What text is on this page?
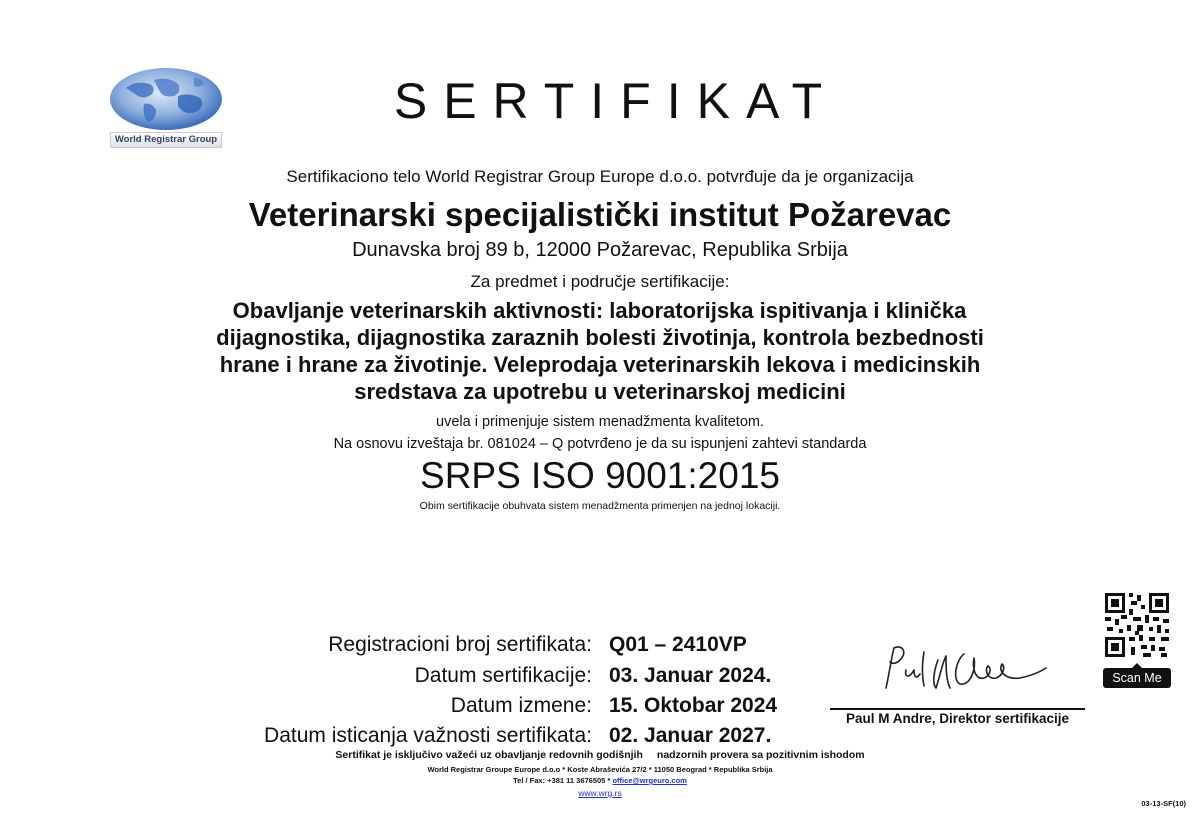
World Registrar Group
SERTIFIKAT
Sertifikaciono telo World Registrar Group Europe d.o.o. potvrđuje da je organizacija
Veterinarski specijalistički institut Požarevac
Dunavska broj 89 b, 12000 Požarevac, Republika Srbija
Za predmet i područje sertifikacije:
Obavljanje veterinarskih aktivnosti: laboratorijska ispitivanja i klinička
dijagnostika, dijagnostika zaraznih bolesti životinja, kontrola bezbednosti
hrane i hrane za životinje. Veleprodaja veterinarskih lekova i medicinskih
sredstava za upotrebu u veterinarskoj medicini
uvela i primenjuje sistem menadžmenta kvalitetom.
Na osnovu izveštaja br. 081024 – Q potvrđeno je da su ispunjeni zahtevi standarda
SRPS ISO 9001:2015
Obim sertifikacije obuhvata sistem menadžmenta primenjen na jednoj lokaciji.
Registracioni broj sertifikata: Q01 – 2410VP
Datum sertifikacije: 03. Januar 2024.
Datum izmene: 15. Oktobar 2024
Datum isticanja važnosti sertifikata: 02. Januar 2027.
Paul M Andre, Direktor sertifikacije
Scan Me
Sertifikat je isključivo važeći uz obavljanje redovnih godišnjih nadzornih provera sa pozitivnim ishodom
World Registrar Groupe Europe d.o.o * Koste Abraševića 27/2 * 11050 Beograd * Republika Srbija
Tel / Fax: +381 11 3676505 * office@wrgeuro.com
www.wrg.rs
03-13-SF(10)
